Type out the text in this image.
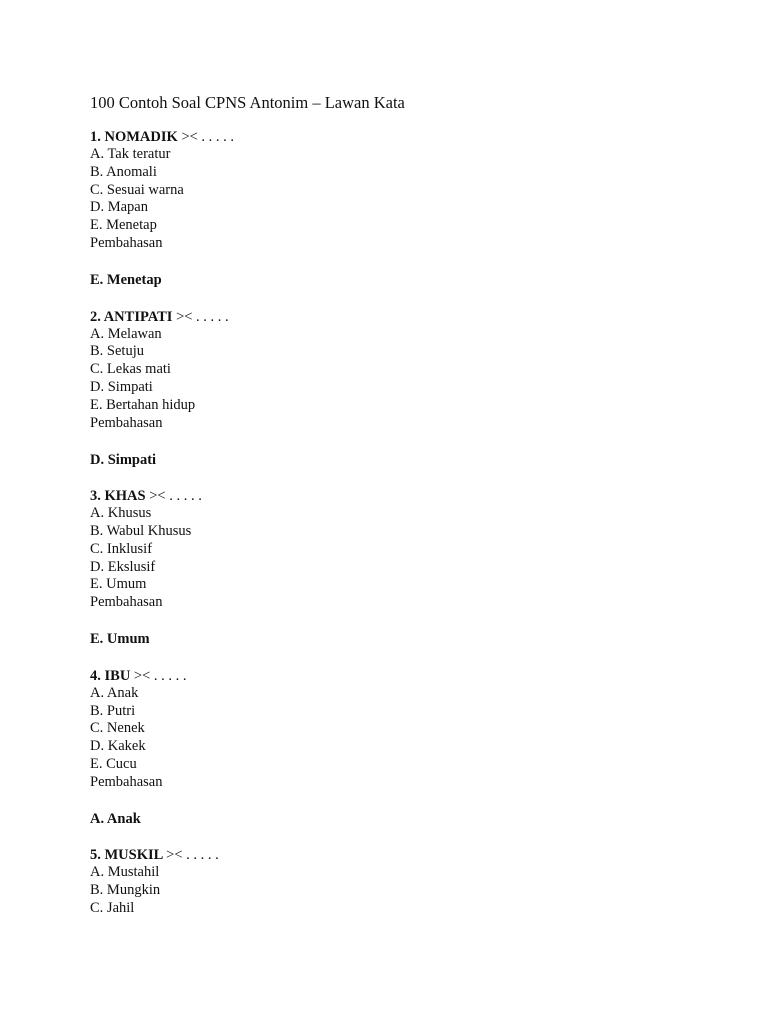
100 Contoh Soal CPNS Antonim – Lawan Kata
1. NOMADIK >< . . . . .
A. Tak teratur
B. Anomali
C. Sesuai warna
D. Mapan
E. Menetap
Pembahasan
E. Menetap
2. ANTIPATI >< . . . . .
A. Melawan
B. Setuju
C. Lekas mati
D. Simpati
E. Bertahan hidup
Pembahasan
D. Simpati
3. KHAS >< . . . . .
A. Khusus
B. Wabul Khusus
C. Inklusif
D. Ekslusif
E. Umum
Pembahasan
E. Umum
4. IBU >< . . . . .
A. Anak
B. Putri
C. Nenek
D. Kakek
E. Cucu
Pembahasan
A. Anak
5. MUSKIL >< . . . . .
A. Mustahil
B. Mungkin
C. Jahil
